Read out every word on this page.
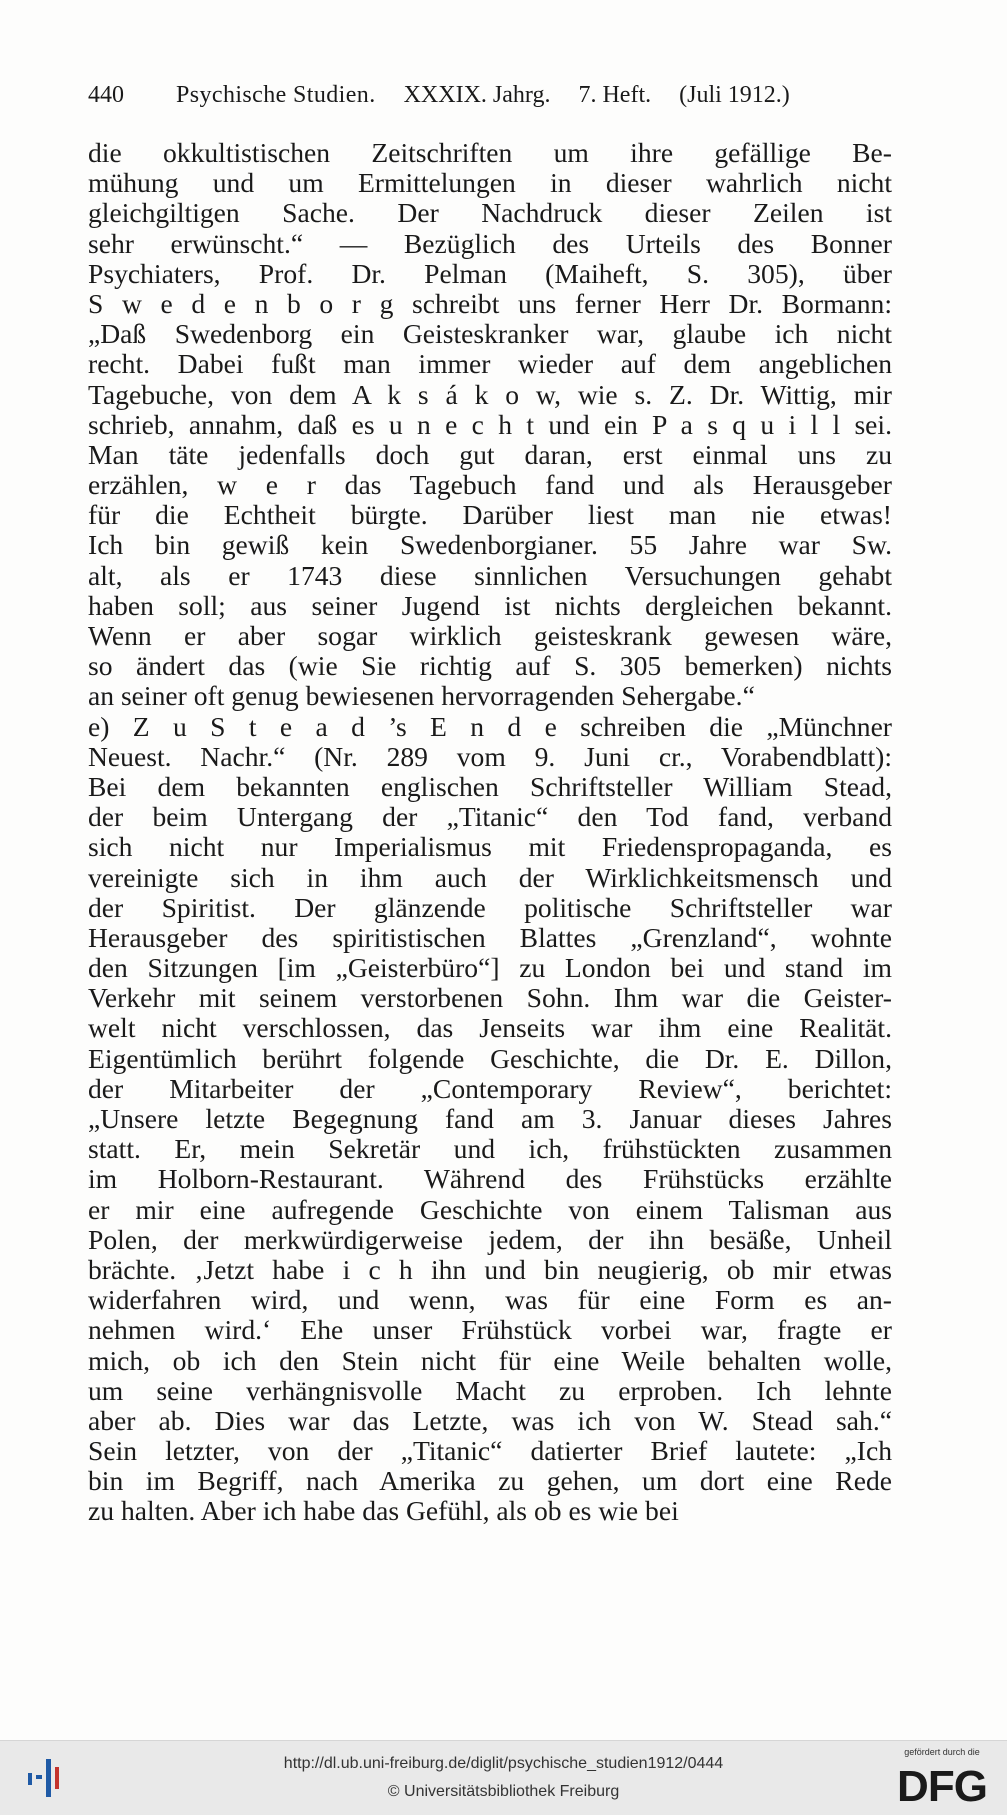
440	Psychische Studien. XXXIX. Jahrg. 7. Heft. (Juli 1912.)
die okkultistischen Zeitschriften um ihre gefällige Be-
mühung und um Ermittelungen in dieser wahrlich nicht
gleichgiltigen Sache. Der Nachdruck dieser Zeilen ist
sehr erwünscht.“ — Bezüglich des Urteils des Bonner
Psychiaters, Prof. Dr. Pelman (Maiheft, S. 305), über
S w e d e n b o r g schreibt uns ferner Herr Dr. Bormann:
„Daß Swedenborg ein Geisteskranker war, glaube ich nicht
recht. Dabei fußt man immer wieder auf dem angeblichen
Tagebuche, von dem A k s á k o w, wie s. Z. Dr. Wittig, mir
schrieb, annahm, daß es u n e c h t und ein P a s q u i l l sei.
Man täte jedenfalls doch gut daran, erst einmal uns zu
erzählen, w e r das Tagebuch fand und als Herausgeber
für die Echtheit bürgte. Darüber liest man nie etwas!
Ich bin gewiß kein Swedenborgianer. 55 Jahre war Sw.
alt, als er 1743 diese sinnlichen Versuchungen gehabt
haben soll; aus seiner Jugend ist nichts dergleichen bekannt.
Wenn er aber sogar wirklich geisteskrank gewesen wäre,
so ändert das (wie Sie richtig auf S. 305 bemerken) nichts
an seiner oft genug bewiesenen hervorragenden Sehergabe.“
e) Z u S t e a d ’s E n d e schreiben die „Münchner
Neuest. Nachr.“ (Nr. 289 vom 9. Juni cr., Vorabendblatt):
Bei dem bekannten englischen Schriftsteller William Stead,
der beim Untergang der „Titanic“ den Tod fand, verband
sich nicht nur Imperialismus mit Friedenspropaganda, es
vereinigte sich in ihm auch der Wirklichkeitsmensch und
der Spiritist. Der glänzende politische Schriftsteller war
Herausgeber des spiritistischen Blattes „Grenzland“, wohnte
den Sitzungen [im „Geisterbüro“] zu London bei und stand im
Verkehr mit seinem verstorbenen Sohn. Ihm war die Geister-
welt nicht verschlossen, das Jenseits war ihm eine Realität.
Eigentümlich berührt folgende Geschichte, die Dr. E. Dillon,
der Mitarbeiter der „Contemporary Review“, berichtet:
„Unsere letzte Begegnung fand am 3. Januar dieses Jahres
statt. Er, mein Sekretär und ich, frühstückten zusammen
im Holborn-Restaurant. Während des Frühstücks erzählte
er mir eine aufregende Geschichte von einem Talisman aus
Polen, der merkwürdigerweise jedem, der ihn besäße, Unheil
brächte. ‚Jetzt habe i c h ihn und bin neugierig, ob mir etwas
widerfahren wird, und wenn, was für eine Form es an-
nehmen wird.‘ Ehe unser Frühstück vorbei war, fragte er
mich, ob ich den Stein nicht für eine Weile behalten wolle,
um seine verhängnisvolle Macht zu erproben. Ich lehnte
aber ab. Dies war das Letzte, was ich von W. Stead sah.“
Sein letzter, von der „Titanic“ datierter Brief lautete: „Ich
bin im Begriff, nach Amerika zu gehen, um dort eine Rede
zu halten. Aber ich habe das Gefühl, als ob es wie bei
http://dl.ub.uni-freiburg.de/diglit/psychische_studien1912/0444
© Universitätsbibliothek Freiburg
gefördert durch die
DFG
